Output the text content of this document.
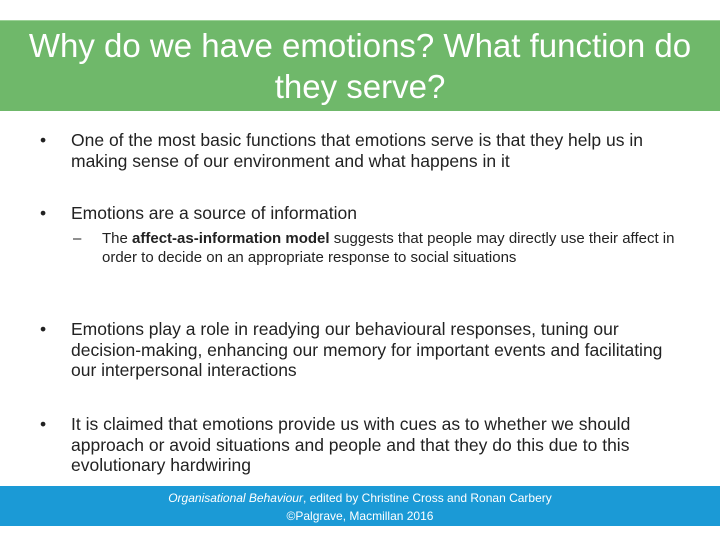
Why do we have emotions? What function do they serve?
• One of the most basic functions that emotions serve is that they help us in making sense of our environment and what happens in it
• Emotions are a source of information
– The affect-as-information model suggests that people may directly use their affect in order to decide on an appropriate response to social situations
• Emotions play a role in readying our behavioural responses, tuning our decision-making, enhancing our memory for important events and facilitating our interpersonal interactions
• It is claimed that emotions provide us with cues as to whether we should approach or avoid situations and people and that they do this due to this evolutionary hardwiring
Organisational Behaviour, edited by Christine Cross and Ronan Carbery
©Palgrave, Macmillan 2016
